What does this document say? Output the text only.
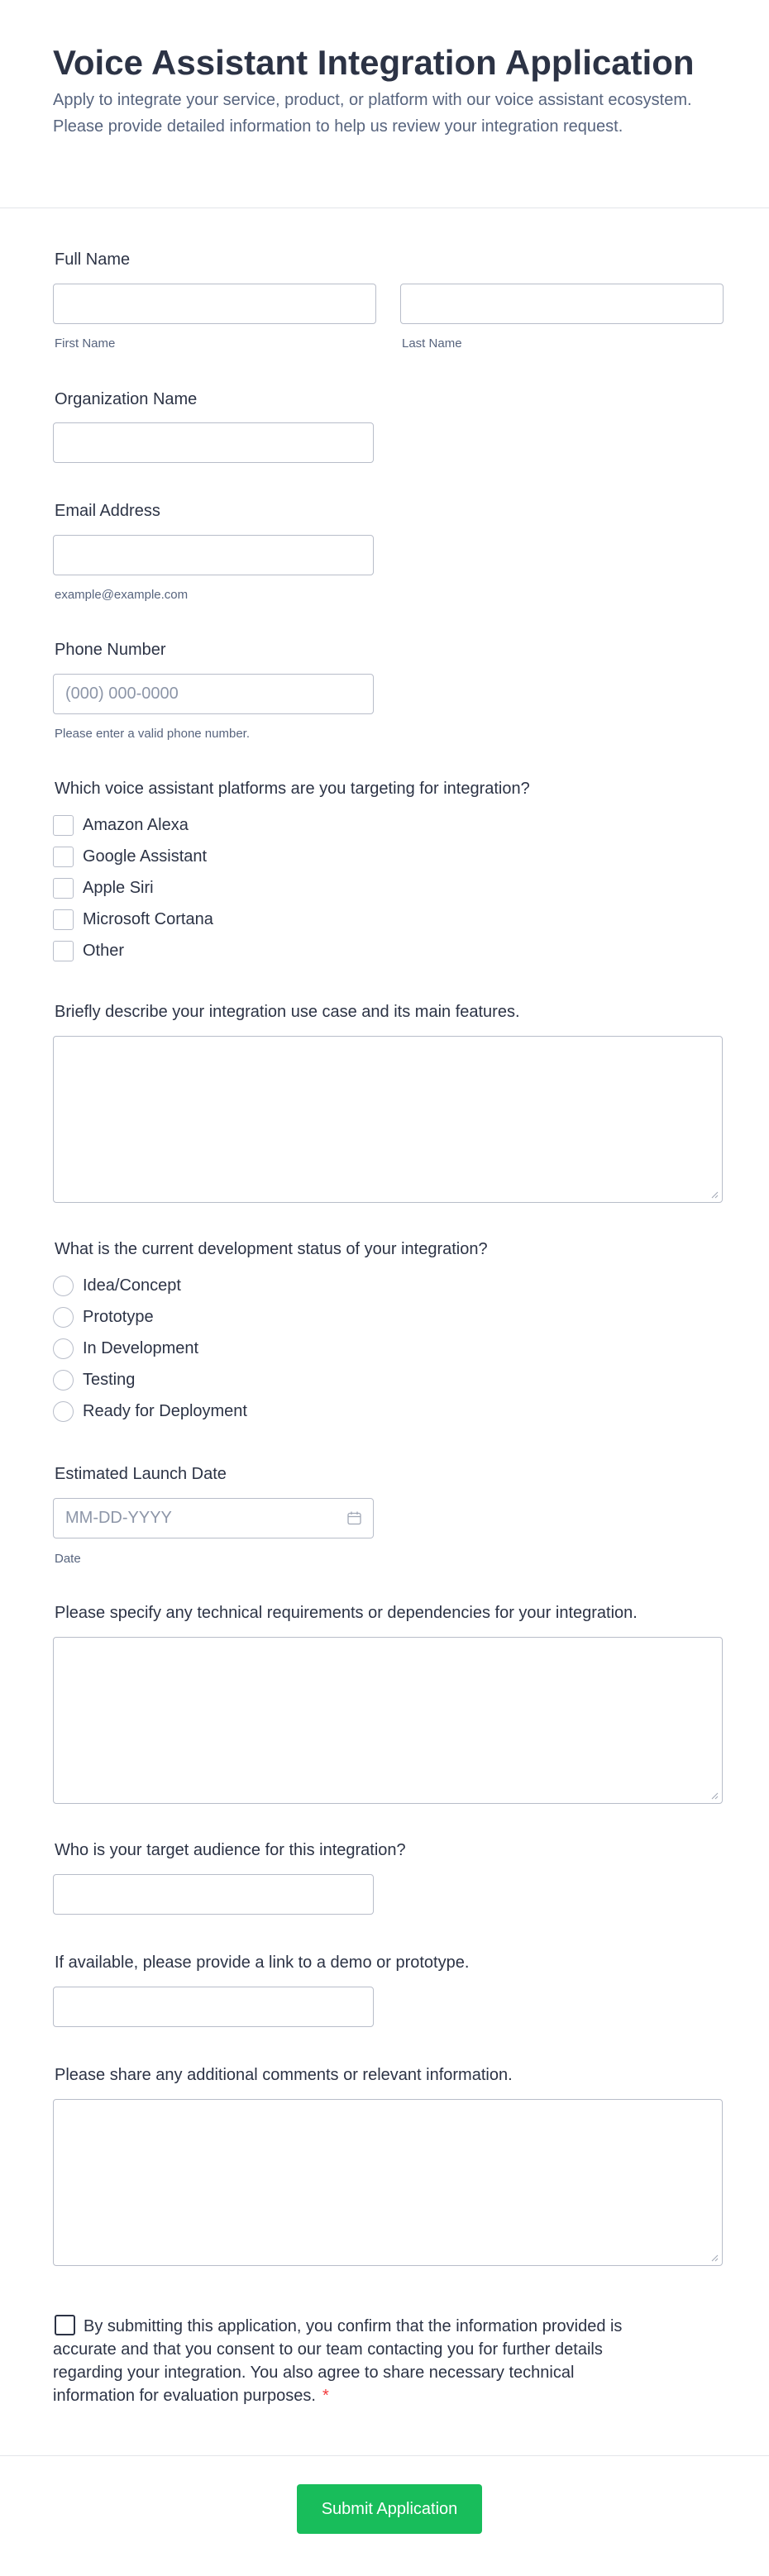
Voice Assistant Integration Application

Apply to integrate your service, product, or platform with our voice assistant ecosystem. Please provide detailed information to help us review your integration request.

Full Name
First Name	Last Name
Organization Name
Email Address
example@example.com
Phone Number
(000) 000-0000
Please enter a valid phone number.
Which voice assistant platforms are you targeting for integration?
Amazon Alexa
Google Assistant
Apple Siri
Microsoft Cortana
Other
Briefly describe your integration use case and its main features.
What is the current development status of your integration?
Idea/Concept
Prototype
In Development
Testing
Ready for Deployment
Estimated Launch Date
MM-DD-YYYY
Date
Please specify any technical requirements or dependencies for your integration.
Who is your target audience for this integration?
If available, please provide a link to a demo or prototype.
Please share any additional comments or relevant information.
By submitting this application, you confirm that the information provided is accurate and that you consent to our team contacting you for further details regarding your integration. You also agree to share necessary technical information for evaluation purposes. *
Submit Application
